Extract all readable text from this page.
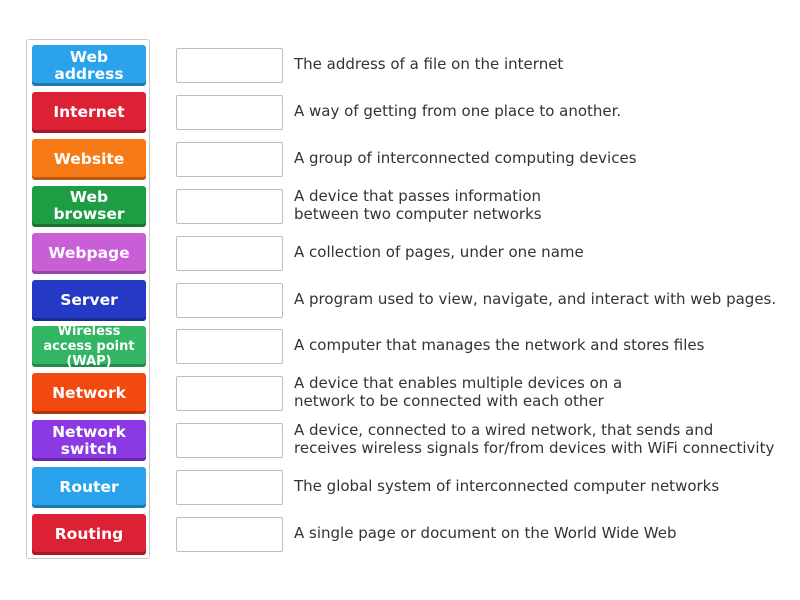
Web address
Internet
Website
Web browser
Webpage
Server
Wireless access point (WAP)
Network
Network switch
Router
Routing
The address of a file on the internet
A way of getting from one place to another.
A group of interconnected computing devices
A device that passes information
between two computer networks
A collection of pages, under one name
A program used to view, navigate, and interact with web pages.
A computer that manages the network and stores files
A device that enables multiple devices on a
network to be connected with each other
A device, connected to a wired network, that sends and
receives wireless signals for/from devices with WiFi connectivity
The global system of interconnected computer networks
A single page or document on the World Wide Web
